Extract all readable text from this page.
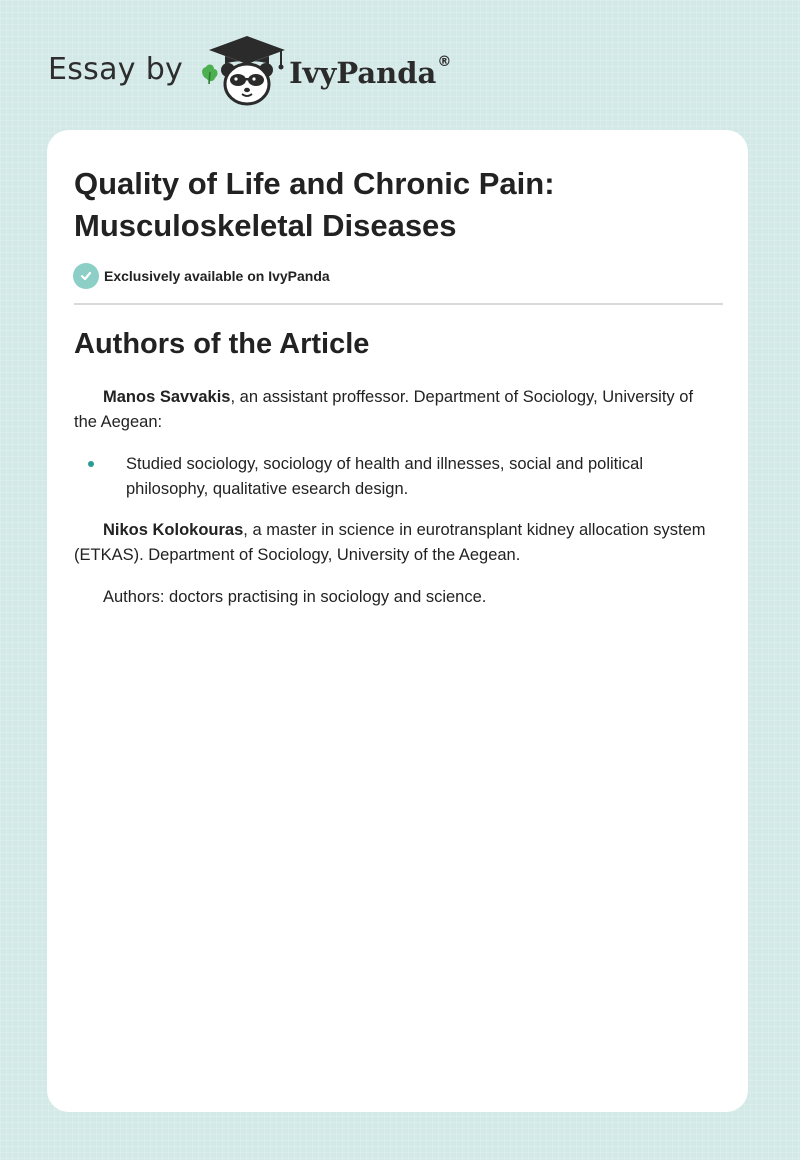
Essay by	IvyPanda ®
Quality of Life and Chronic Pain: Musculoskeletal Diseases
Exclusively available on IvyPanda
Authors of the Article

Manos Savvakis, an assistant proffessor. Department of Sociology, University of the Aegean:

Studied sociology, sociology of health and illnesses, social and political philosophy, qualitative esearch design.

Nikos Kolokouras, a master in science in eurotransplant kidney allocation system (ETKAS). Department of Sociology, University of the Aegean.

Authors: doctors practising in sociology and science.
